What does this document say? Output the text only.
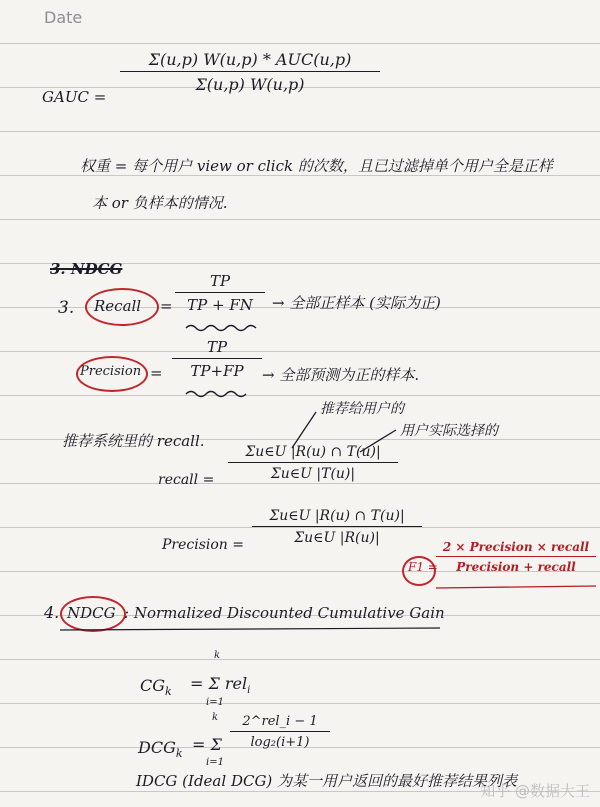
Date
GAUC =
Σ(u,p) W(u,p) * AUC(u,p)
Σ(u,p) W(u,p)
权重 = 每个用户 view or click 的次数，且已过滤掉单个用户全是正样
本 or 负样本的情况.
3. NDCG
3. Recall = $\frac{TP}{TP + FN}$ → 全部正样本 (实际为正)
Precision = $\frac{TP}{TP+FP}$ → 全部预测为正的样本.
推荐系统里的 recall.
推荐给用户的
用户实际选择的
recall = $\frac{\Sigma u\in U |R(u) \cap T(u)|}{\Sigma u\in U |T(u)|}$
Precision = $\frac{\Sigma u\in U |R(u) \cap T(u)|}{\Sigma u\in U |R(u)|}$
F1 =
2 × Precision × recall
Precision + recall
4. NDCG : Normalized Discounted Cumulative Gain
$CG_k$
k
i=1
= Σ rel$_i$
$DCG_k$
k
i=1
= Σ
2^rel_i − 1
log₂(i+1)
IDCG (Ideal DCG) 为某一用户返回的最好推荐结果列表
知乎 @数据大王
